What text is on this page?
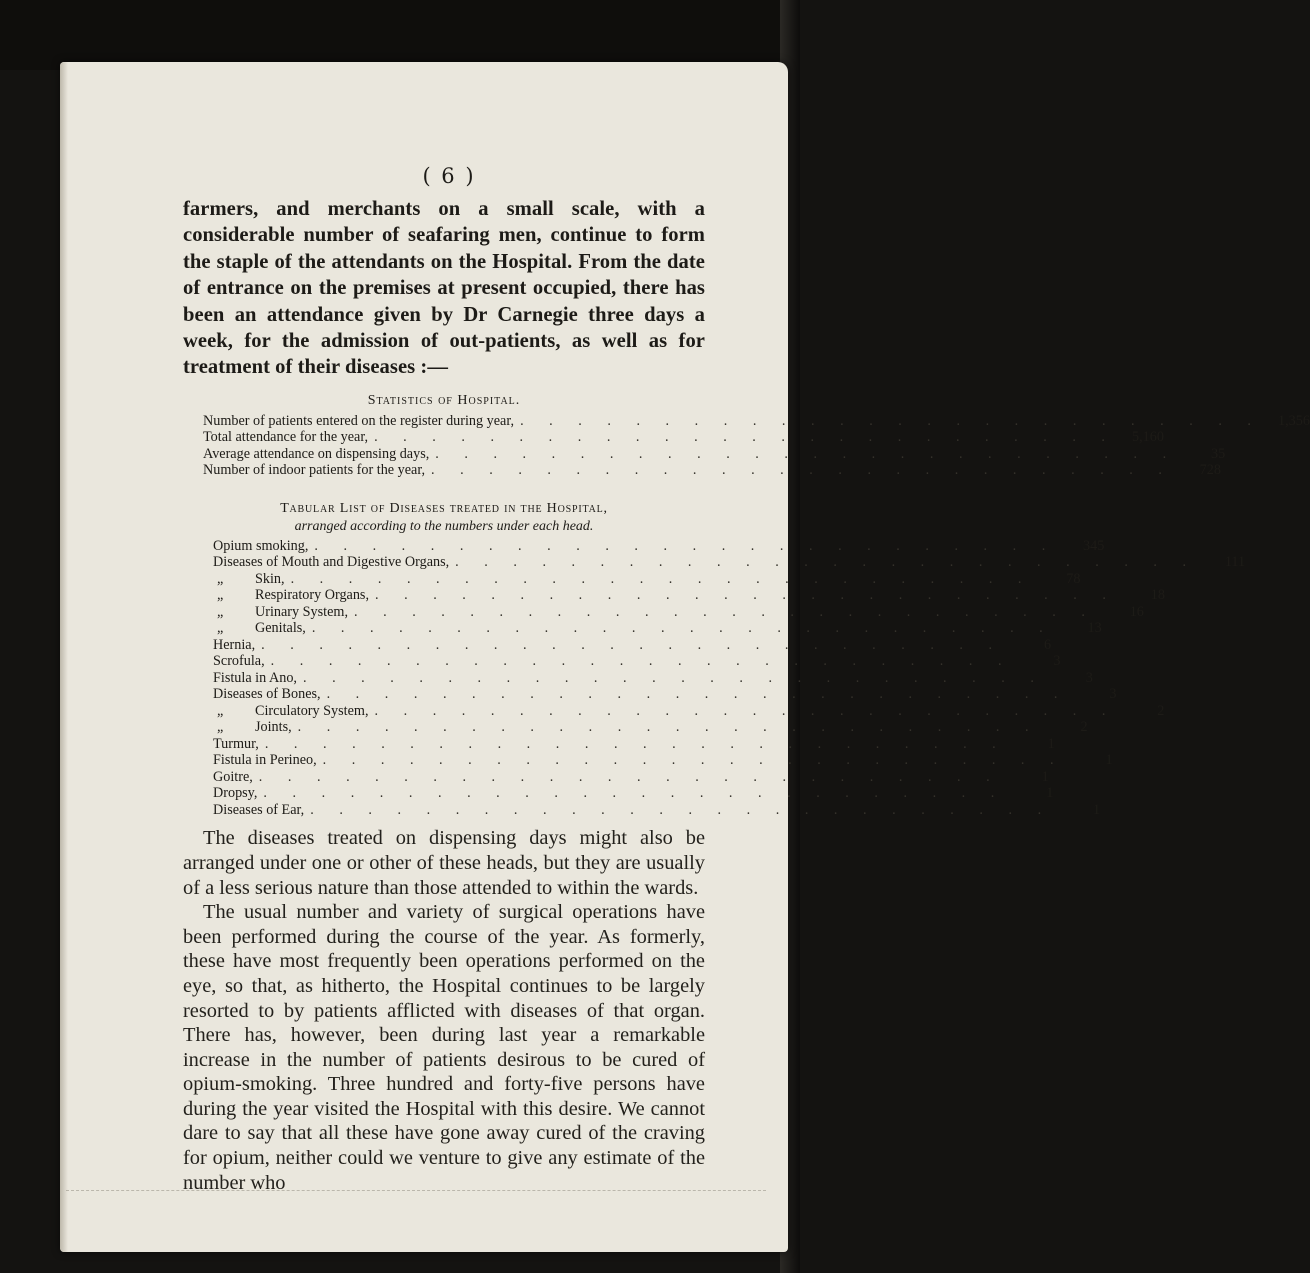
( 6 )

farmers, and merchants on a small scale, with a considerable number of seafaring men, continue to form the staple of the attendants on the Hospital. From the date of entrance on the premises at present occupied, there has been an attendance given by Dr Carnegie three days a week, for the admission of out-patients, as well as for treatment of their diseases :—

Statistics of Hospital.
Number of patients entered on the register during year, . . . . . . . . . . . . . . . . . . . . . . . . . .	1,356
Total attendance for the year, . . . . . . . . . . . . . . . . . . . . . . . . . .	5,160
Average attendance on dispensing days, . . . . . . . . . . . . . . . . . . . . . . . . . .	35
Number of indoor patients for the year, . . . . . . . . . . . . . . . . . . . . . . . . . .	728
Tabular List of Diseases treated in the Hospital,
arranged according to the numbers under each head.
Opium smoking, . . . . . . . . . . . . . . . . . . . . . . . . . .	345
Diseases of Mouth and Digestive Organs, . . . . . . . . . . . . . . . . . . . . . . . . . .	111
„ Skin, . . . . . . . . . . . . . . . . . . . . . . . . . .	78
„ Respiratory Organs, . . . . . . . . . . . . . . . . . . . . . . . . . .	18
„ Urinary System, . . . . . . . . . . . . . . . . . . . . . . . . . .	16
„ Genitals, . . . . . . . . . . . . . . . . . . . . . . . . . .	13
Hernia, . . . . . . . . . . . . . . . . . . . . . . . . . .	6
Scrofula, . . . . . . . . . . . . . . . . . . . . . . . . . .	3
Fistula in Ano, . . . . . . . . . . . . . . . . . . . . . . . . . .	3
Diseases of Bones, . . . . . . . . . . . . . . . . . . . . . . . . . .	3
„ Circulatory System, . . . . . . . . . . . . . . . . . . . . . . . . . .	2
„ Joints, . . . . . . . . . . . . . . . . . . . . . . . . . .	2
Turmur, . . . . . . . . . . . . . . . . . . . . . . . . . .	1
Fistula in Perineo, . . . . . . . . . . . . . . . . . . . . . . . . . .	1
Goitre, . . . . . . . . . . . . . . . . . . . . . . . . . .	1
Dropsy, . . . . . . . . . . . . . . . . . . . . . . . . . .	1
Diseases of Ear, . . . . . . . . . . . . . . . . . . . . . . . . . .	1

The diseases treated on dispensing days might also be arranged under one or other of these heads, but they are usually of a less serious nature than those attended to within the wards.

The usual number and variety of surgical operations have been performed during the course of the year. As formerly, these have most frequently been operations performed on the eye, so that, as hitherto, the Hospital continues to be largely resorted to by patients afflicted with diseases of that organ. There has, however, been during last year a remarkable increase in the number of patients desirous to be cured of opium-smoking. Three hundred and forty-five persons have during the year visited the Hospital with this desire. We cannot dare to say that all these have gone away cured of the craving for opium, neither could we venture to give any estimate of the number who
